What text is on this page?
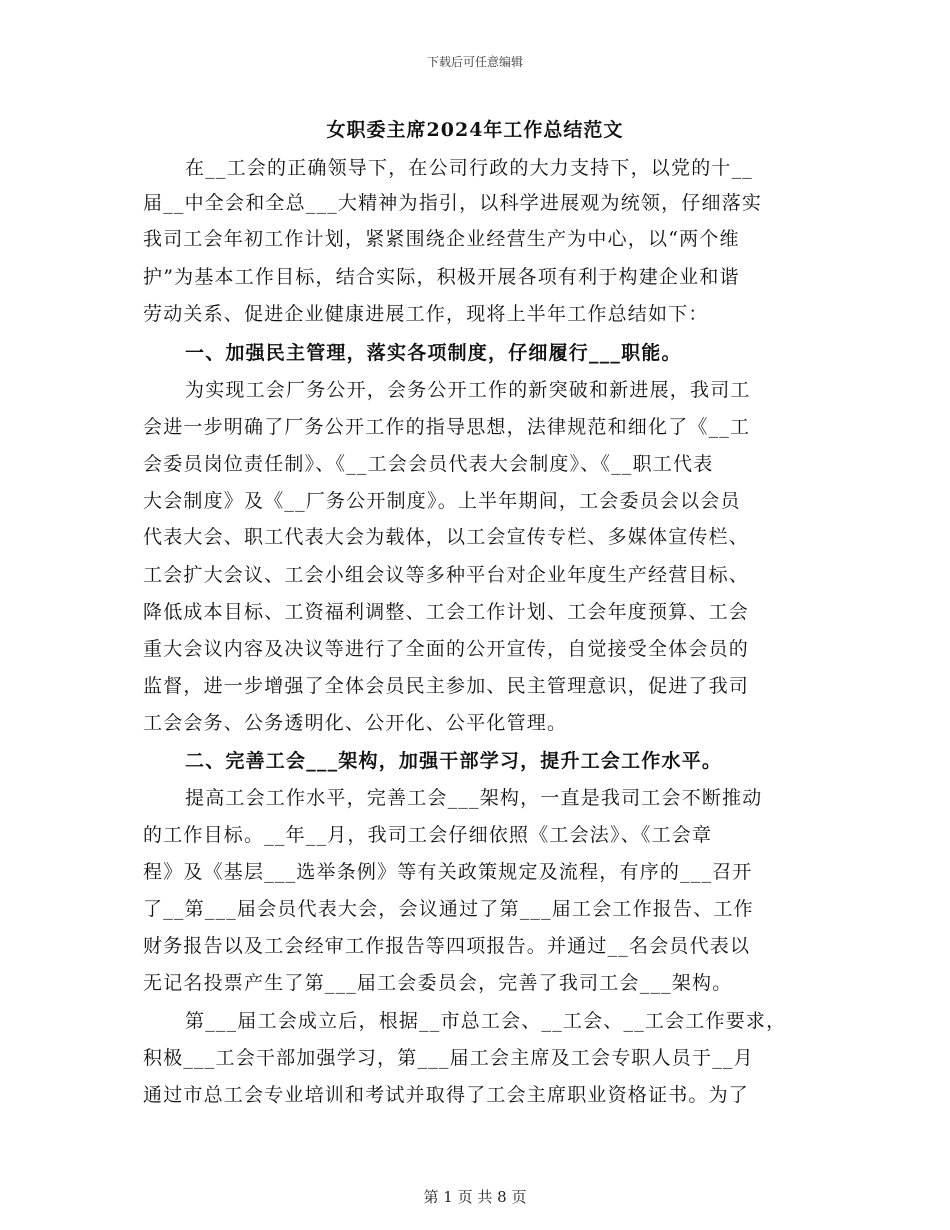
下载后可任意编辑
女职委主席2024年工作总结范文
在__工会的正确领导下，在公司行政的大力支持下，以党的十__
届__中全会和全总___大精神为指引，以科学进展观为统领，仔细落实
我司工会年初工作计划，紧紧围绕企业经营生产为中心，以“两个维
护”为基本工作目标，结合实际，积极开展各项有利于构建企业和谐
劳动关系、促进企业健康进展工作，现将上半年工作总结如下：
一、加强民主管理，落实各项制度，仔细履行___职能。
为实现工会厂务公开，会务公开工作的新突破和新进展，我司工
会进一步明确了厂务公开工作的指导思想，法律规范和细化了《__工
会委员岗位责任制》、《__工会会员代表大会制度》、《__职工代表
大会制度》及《__厂务公开制度》。上半年期间，工会委员会以会员
代表大会、职工代表大会为载体，以工会宣传专栏、多媒体宣传栏、
工会扩大会议、工会小组会议等多种平台对企业年度生产经营目标、
降低成本目标、工资福利调整、工会工作计划、工会年度预算、工会
重大会议内容及决议等进行了全面的公开宣传，自觉接受全体会员的
监督，进一步增强了全体会员民主参加、民主管理意识，促进了我司
工会会务、公务透明化、公开化、公平化管理。
二、完善工会___架构，加强干部学习，提升工会工作水平。
提高工会工作水平，完善工会___架构，一直是我司工会不断推动
的工作目标。__年__月，我司工会仔细依照《工会法》、《工会章
程》及《基层___选举条例》等有关政策规定及流程，有序的___召开
了__第___届会员代表大会，会议通过了第___届工会工作报告、工作
财务报告以及工会经审工作报告等四项报告。并通过__名会员代表以
无记名投票产生了第___届工会委员会，完善了我司工会___架构。
第___届工会成立后，根据__市总工会、__工会、__工会工作要求，
积极___工会干部加强学习，第___届工会主席及工会专职人员于__月
通过市总工会专业培训和考试并取得了工会主席职业资格证书。为了
第 1 页 共 8 页
